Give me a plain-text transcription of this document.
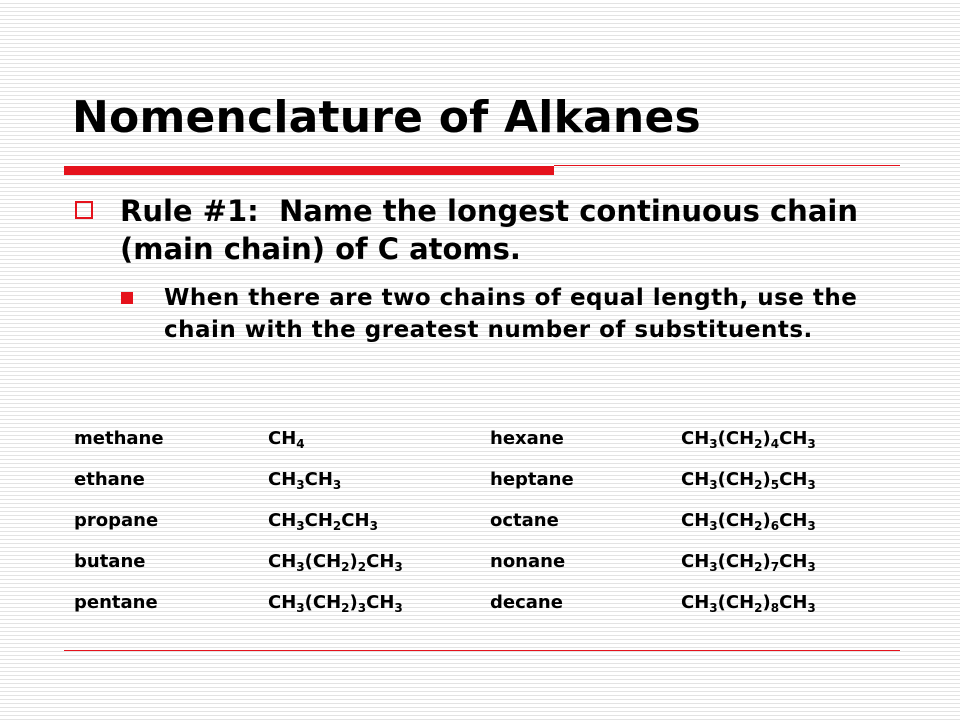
Nomenclature of Alkanes
Rule #1:  Name the longest continuous chain (main chain) of C atoms.
When there are two chains of equal length, use the chain with the greatest number of substituents.
methane	$CH_4$	hexane	$CH_3(CH_2)_4CH_3$
ethane	$CH_3CH_3$	heptane	$CH_3(CH_2)_5CH_3$
propane	$CH_3CH_2CH_3$	octane	$CH_3(CH_2)_6CH_3$
butane	$CH_3(CH_2)_2CH_3$	nonane	$CH_3(CH_2)_7CH_3$
pentane	$CH_3(CH_2)_3CH_3$	decane	$CH_3(CH_2)_8CH_3$
